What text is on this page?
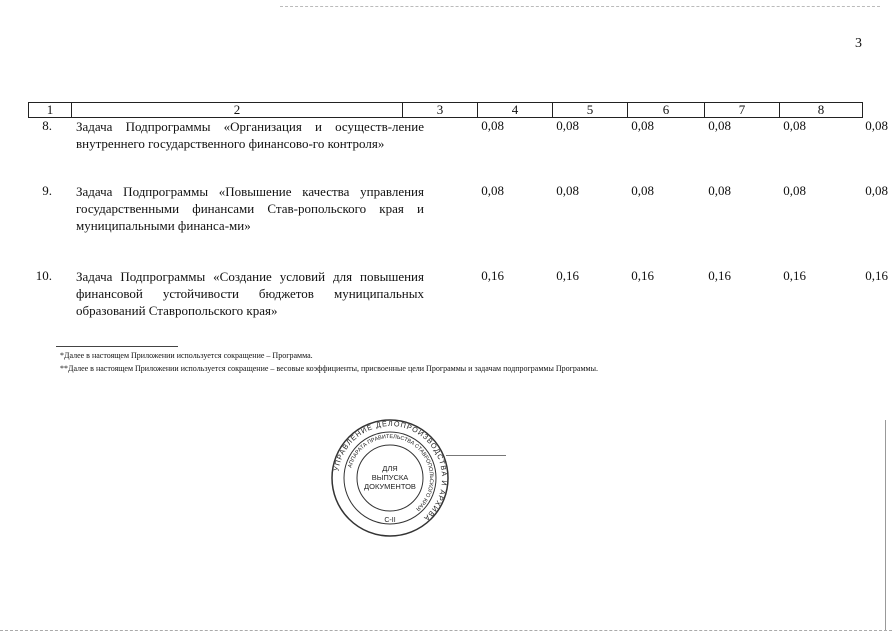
3
1	2	3	4	5	6	7	8
8. Задача Подпрограммы «Организация и осуществ-ление внутреннего государственного финансово-го контроля»
0,08	0,08	0,08	0,08	0,08	0,08
9. Задача Подпрограммы «Повышение качества управления государственными финансами Став-ропольского края и муниципальными финанса-ми»
0,08	0,08	0,08	0,08	0,08	0,08
10. Задача Подпрограммы «Создание условий для повышения финансовой устойчивости бюджетов муниципальных образований Ставропольского края»
0,16	0,16	0,16	0,16	0,16	0,16
*Далее в настоящем Приложении используется сокращение – Программа.
**Далее в настоящем Приложении используется сокращение – весовые коэффициенты, присвоенные цели Программы и задачам подпрограммы Программы.
УПРАВЛЕНИЕ ДЕЛОПРОИЗВОДСТВА И АРХИВА
АППАРАТА ПРАВИТЕЛЬСТВА СТАВРОПОЛЬСКОГО КРАЯ
ДЛЯ
ВЫПУСКА
ДОКУМЕНТОВ
С-II
